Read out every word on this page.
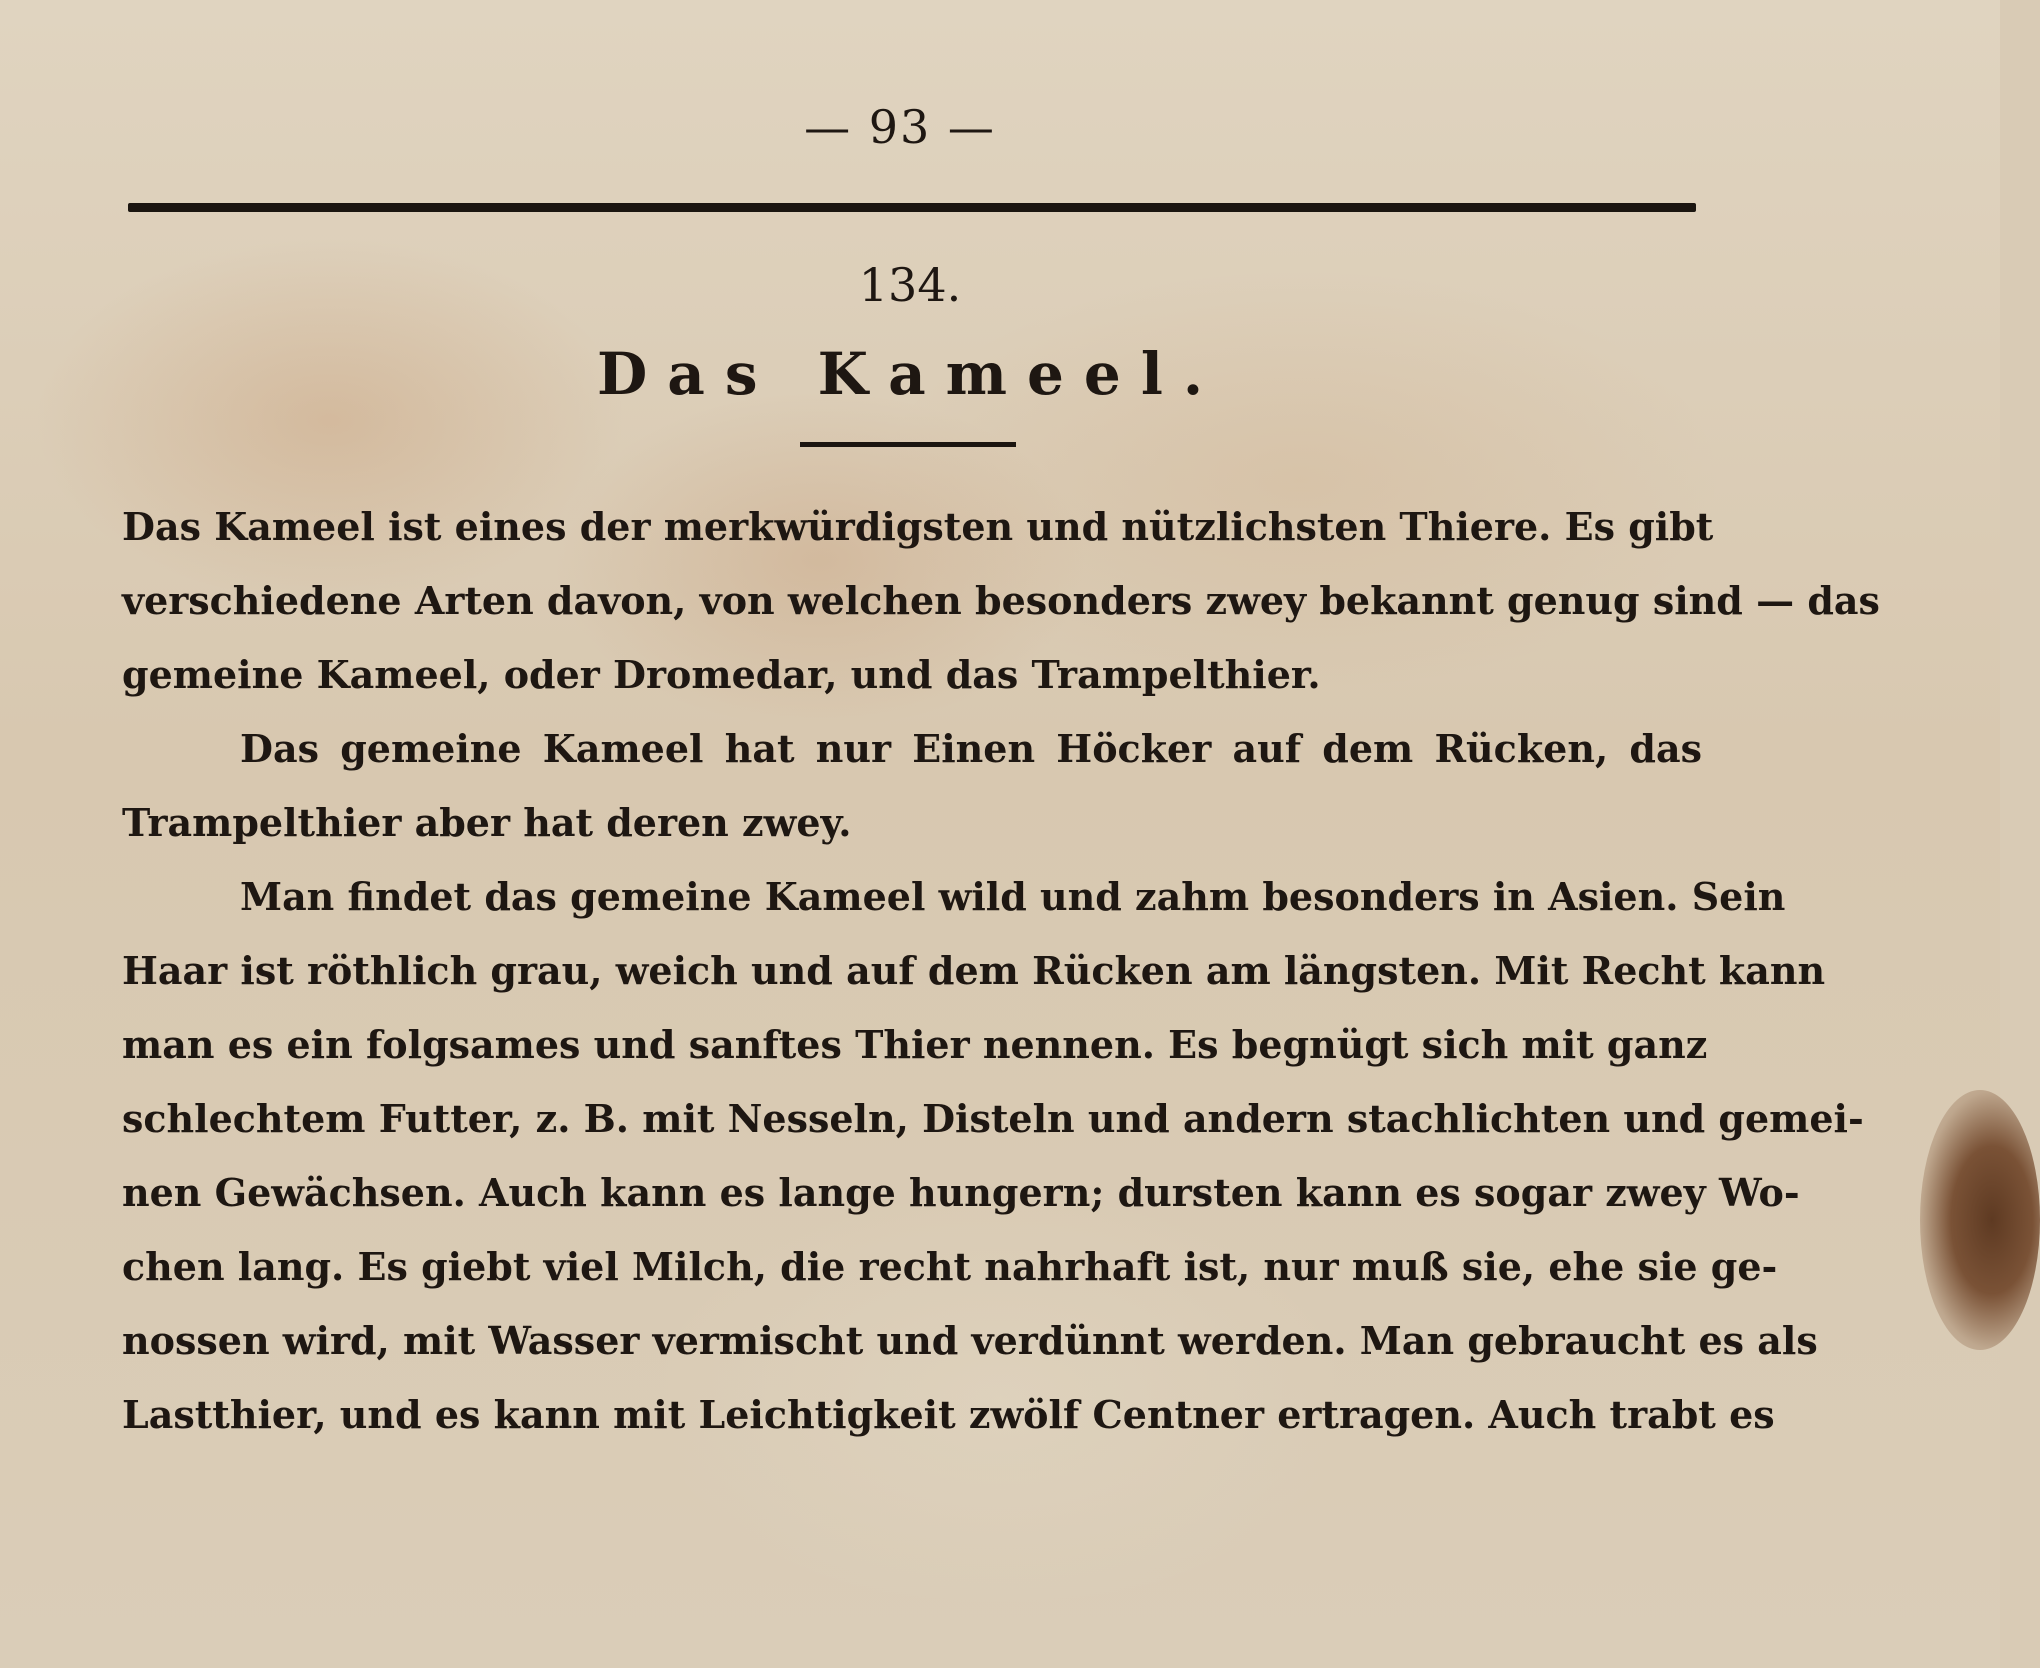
— 93 —
134.
Das Kameel.
Das Kameel ist eines der merkwürdigsten und nützlichsten Thiere. Es gibt
verschiedene Arten davon, von welchen besonders zwey bekannt genug sind — das
gemeine Kameel, oder Dromedar, und das Trampelthier.
Das gemeine Kameel hat nur Einen Höcker auf dem Rücken, das
Trampelthier aber hat deren zwey.
Man findet das gemeine Kameel wild und zahm besonders in Asien. Sein
Haar ist röthlich grau, weich und auf dem Rücken am längsten. Mit Recht kann
man es ein folgsames und sanftes Thier nennen. Es begnügt sich mit ganz
schlechtem Futter, z. B. mit Nesseln, Disteln und andern stachlichten und gemei-
nen Gewächsen. Auch kann es lange hungern; dursten kann es sogar zwey Wo-
chen lang. Es giebt viel Milch, die recht nahrhaft ist, nur muß sie, ehe sie ge-
nossen wird, mit Wasser vermischt und verdünnt werden. Man gebraucht es als
Lastthier, und es kann mit Leichtigkeit zwölf Centner ertragen. Auch trabt es
